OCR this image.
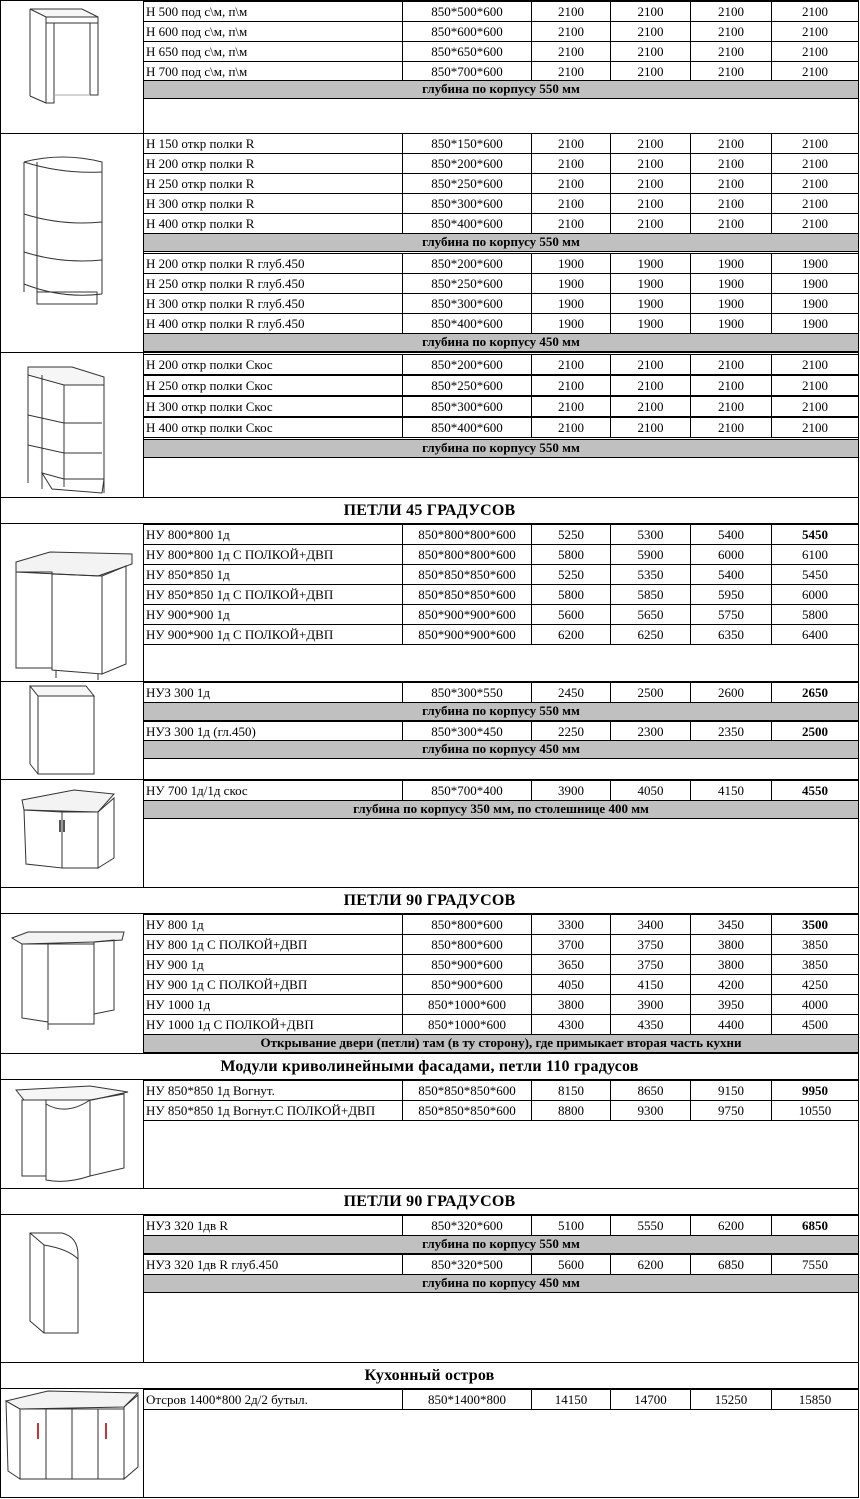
Н 500 под с\м, п\м	850*500*600	2100	2100	2100	2100
Н 600 под с\м, п\м	850*600*600	2100	2100	2100	2100
Н 650 под с\м, п\м	850*650*600	2100	2100	2100	2100
Н 700 под с\м, п\м	850*700*600	2100	2100	2100	2100
глубина по корпусу 550 мм
Н 150 откр полки R	850*150*600	2100	2100	2100	2100
Н 200 откр полки R	850*200*600	2100	2100	2100	2100
Н 250 откр полки R	850*250*600	2100	2100	2100	2100
Н 300 откр полки R	850*300*600	2100	2100	2100	2100
Н 400 откр полки R	850*400*600	2100	2100	2100	2100
глубина по корпусу 550 мм
Н 200 откр полки R глуб.450	850*200*600	1900	1900	1900	1900
Н 250 откр полки R глуб.450	850*250*600	1900	1900	1900	1900
Н 300 откр полки R глуб.450	850*300*600	1900	1900	1900	1900
Н 400 откр полки R глуб.450	850*400*600	1900	1900	1900	1900
глубина по корпусу 450 мм
Н 200 откр полки Скос	850*200*600	2100	2100	2100	2100
Н 250 откр полки Скос	850*250*600	2100	2100	2100	2100
Н 300 откр полки Скос	850*300*600	2100	2100	2100	2100
Н 400 откр полки Скос	850*400*600	2100	2100	2100	2100
глубина по корпусу 550 мм
ПЕТЛИ 45 ГРАДУСОВ
НУ 800*800 1д	850*800*800*600	5250	5300	5400	5450
НУ 800*800 1д С ПОЛКОЙ+ДВП	850*800*800*600	5800	5900	6000	6100
НУ 850*850 1д	850*850*850*600	5250	5350	5400	5450
НУ 850*850 1д С ПОЛКОЙ+ДВП	850*850*850*600	5800	5850	5950	6000
НУ 900*900 1д	850*900*900*600	5600	5650	5750	5800
НУ 900*900 1д С ПОЛКОЙ+ДВП	850*900*900*600	6200	6250	6350	6400
НУЗ 300 1д	850*300*550	2450	2500	2600	2650
глубина по корпусу 550 мм
НУЗ 300 1д (гл.450)	850*300*450	2250	2300	2350	2500
глубина по корпусу 450 мм
НУ 700 1д/1д скос	850*700*400	3900	4050	4150	4550
глубина по корпусу 350 мм, по столешнице 400 мм
ПЕТЛИ 90 ГРАДУСОВ
НУ 800 1д	850*800*600	3300	3400	3450	3500
НУ 800 1д С ПОЛКОЙ+ДВП	850*800*600	3700	3750	3800	3850
НУ 900 1д	850*900*600	3650	3750	3800	3850
НУ 900 1д С ПОЛКОЙ+ДВП	850*900*600	4050	4150	4200	4250
НУ 1000 1д	850*1000*600	3800	3900	3950	4000
НУ 1000 1д С ПОЛКОЙ+ДВП	850*1000*600	4300	4350	4400	4500
Открывание двери (петли) там (в ту сторону), где примыкает вторая часть кухни
Модули криволинейными фасадами, петли 110 градусов
НУ 850*850 1д Вогнут.	850*850*850*600	8150	8650	9150	9950
НУ 850*850 1д Вогнут.С ПОЛКОЙ+ДВП	850*850*850*600	8800	9300	9750	10550
ПЕТЛИ 90 ГРАДУСОВ
НУЗ 320 1дв R	850*320*600	5100	5550	6200	6850
глубина по корпусу 550 мм
НУЗ 320 1дв R глуб.450	850*320*500	5600	6200	6850	7550
глубина по корпусу 450 мм
Кухонный остров
Отсров 1400*800 2д/2 бутыл.	850*1400*800	14150	14700	15250	15850
